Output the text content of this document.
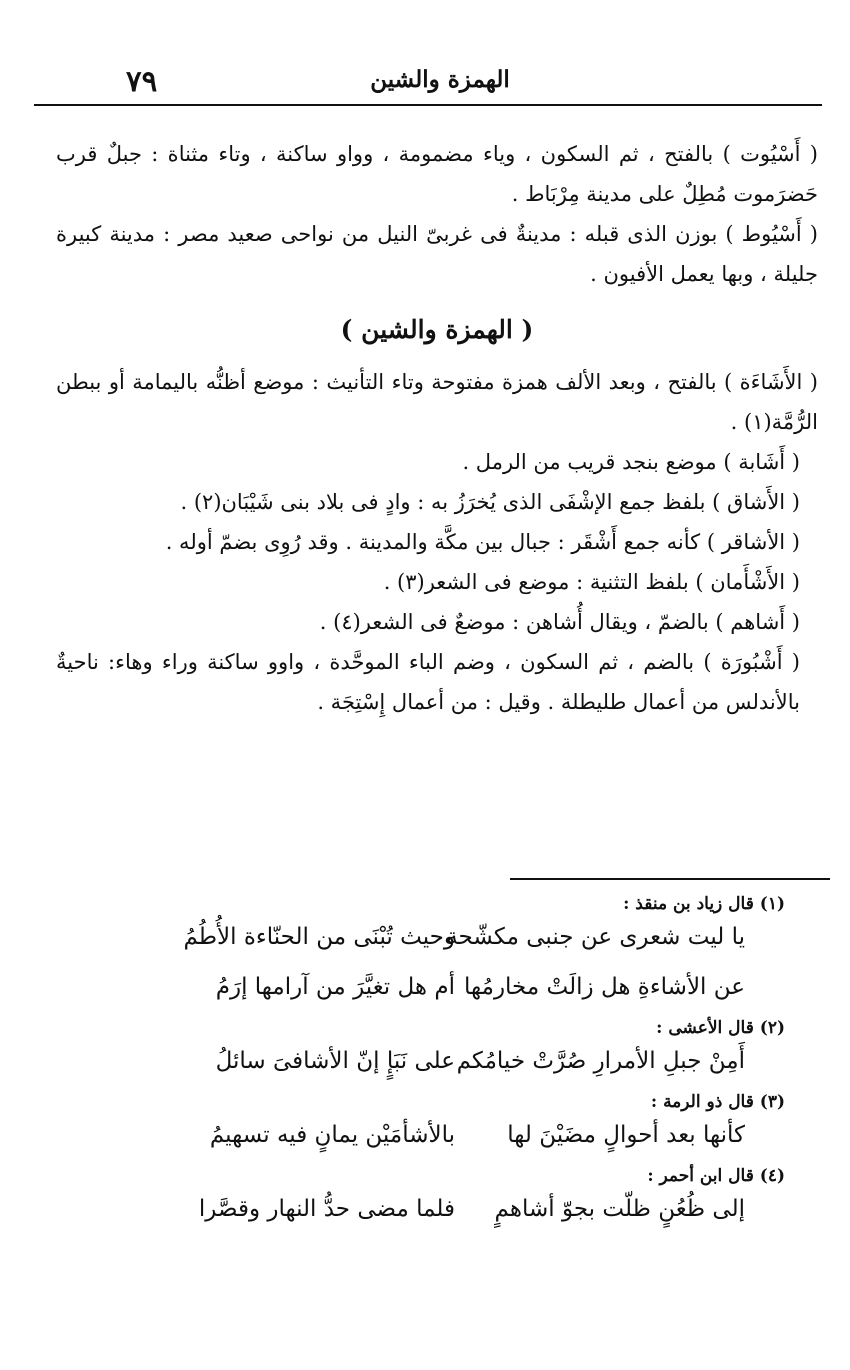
٧٩	الهمزة والشين

( أَسْيُوت ) بالفتح ، ثم السكون ، وياء مضمومة ، وواو ساكنة ، وتاء مثناة : جبلٌ قرب حَضرَموت مُطِلٌ على مدينة مِرْبَاط .

( أَسْيُوط ) بوزن الذى قبله : مدينةٌ فى غربىّ النيل من نواحى صعيد مصر : مدينة كبيرة جليلة ، وبها يعمل الأفيون .

( الهمزة والشين )

( الأَشَاءَة ) بالفتح ، وبعد الألف همزة مفتوحة وتاء التأنيث : موضع أظنُّه باليمامة أو ببطن الرُّمَّة(١) .

( أَشَابة ) موضع بنجد قريب من الرمل .

( الأَشاق ) بلفظ جمع الإشْفَى الذى يُخرَزُ به : وادٍ فى بلاد بنى شَيْبَان(٢) .

( الأشاقر ) كأنه جمع أَشْقَر : جبال بين مكَّة والمدينة . وقد رُوِى بضمّ أوله .

( الأَشْأَمان ) بلفظ التثنية : موضع فى الشعر(٣) .

( أَشاهم ) بالضمّ ، ويقال أُشاهن : موضعٌ فى الشعر(٤) .

( أَشْبُورَة ) بالضم ، ثم السكون ، وضم الباء الموحَّدة ، واوو ساكنة وراء وهاء: ناحيةٌ بالأندلس من أعمال طليطلة . وقيل : من أعمال إِسْتِجَة .

(١) قال زياد بن منقذ :
يا ليت شعرى عن جنبى مكشّحة
وحيث تُبْنَى من الحنّاءة الأُطُمُ
عن الأشاءةِ هل زالَتْ مخارمُها
أم هل تغيَّرَ من آرامها إرَمُ
(٢) قال الأعشى :
أَمِنْ جبلِ الأمرارِ صُرَّتْ خيامُكم
على نَبَإٍ إنّ الأشافىَ سائلُ
(٣) قال ذو الرمة :
كأنها بعد أحوالٍ مضَيْنَ لها
بالأشأمَيْن يمانٍ فيه تسهيمُ
(٤) قال ابن أحمر :
إلى ظُعُنٍ ظلّت بجوّ أشاهمٍ
فلما مضى حدُّ النهار وقصَّرا
